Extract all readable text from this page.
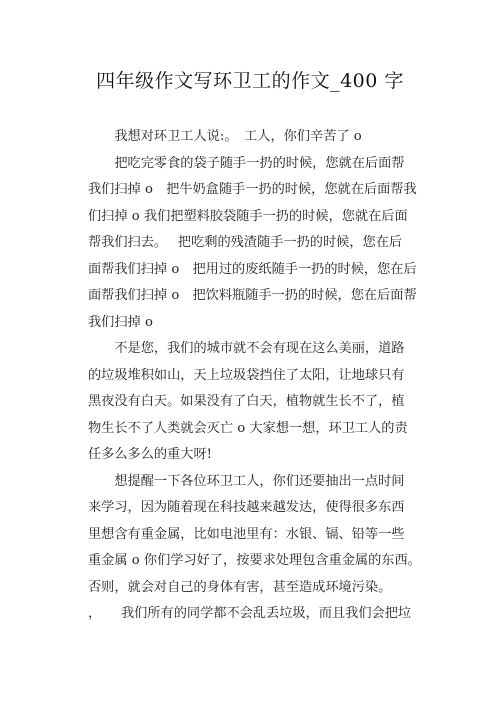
四年级作文写环卫工的作文_400 字
　　我想对环卫工人说:。　工人，你们辛苦了 o
　　把吃完零食的袋子随手一扔的时候，您就在后面帮
我们扫掉 o　把牛奶盒随手一扔的时候，您就在后面帮我
们扫掉 o 我们把塑料胶袋随手一扔的时候，您就在后面
帮我们扫去。　 把吃剩的残渣随手一扔的时候，您在后
面帮我们扫掉 o　把用过的废纸随手一扔的时候，您在后
面帮我们扫掉 o　把饮料瓶随手一扔的时候，您在后面帮
我们扫掉 o
　　不是您，我们的城市就不会有现在这么美丽，道路
的垃圾堆积如山，天上垃圾袋挡住了太阳，让地球只有
黑夜没有白天。如果没有了白天，植物就生长不了，植
物生长不了人类就会灭亡 o 大家想一想，环卫工人的责
任多么多么的重大呀!
　　想提醒一下各位环卫工人，你们还要抽出一点时间
来学习，因为随着现在科技越来越发达，使得很多东西
里想含有重金属，比如电池里有：水银、镉、铅等一些
重金属 o 你们学习好了，按要求处理包含重金属的东西。
否则，就会对自己的身体有害，甚至造成环境污染。
，　　我们所有的同学都不会乱丢垃圾，而且我们会把垃
